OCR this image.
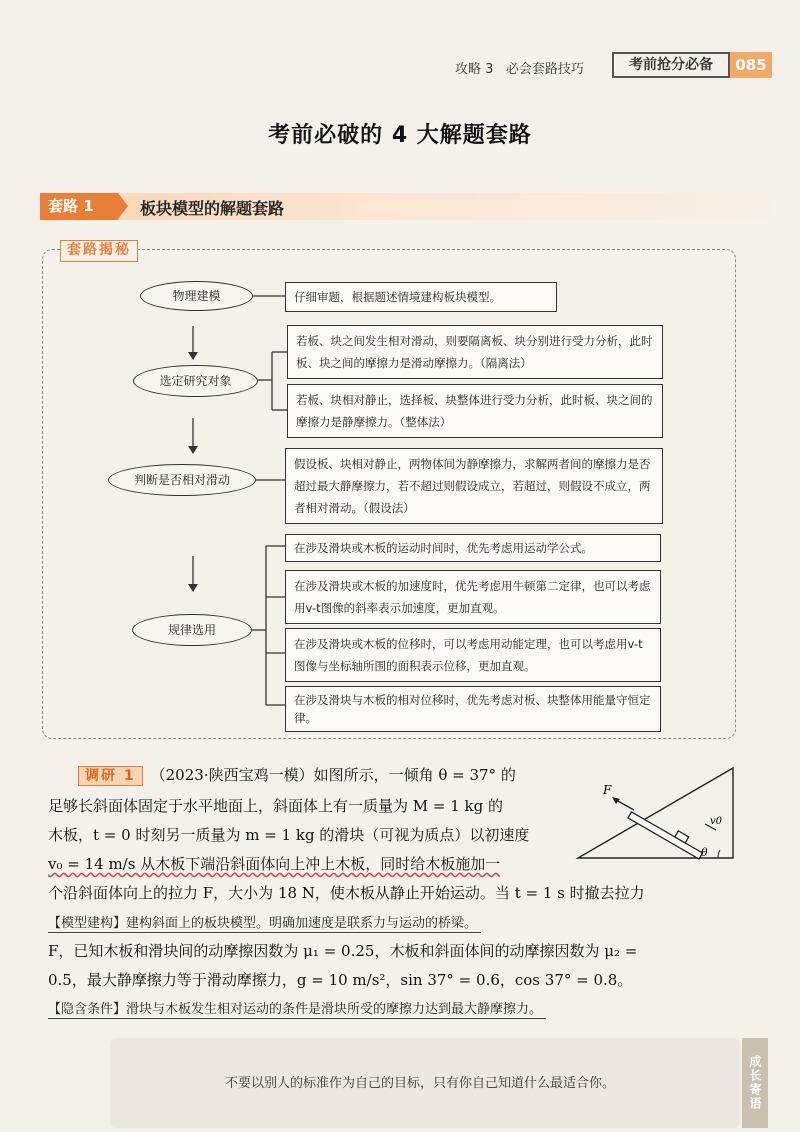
攻略 3 必会套路技巧	考前抢分必备	085
考前必破的 4 大解题套路
套路 1	板块模型的解题套路
套路揭秘
物理建模
选定研究对象
判断是否相对滑动
规律选用
仔细审题，根据题述情境建构板块模型。
若板、块之间发生相对滑动，则要隔离板、块分别进行受力分析，此时板、块之间的摩擦力是滑动摩擦力。（隔离法）
若板、块相对静止，选择板、块整体进行受力分析，此时板、块之间的摩擦力是静摩擦力。（整体法）
假设板、块相对静止，两物体间为静摩擦力，求解两者间的摩擦力是否超过最大静摩擦力，若不超过则假设成立，若超过，则假设不成立，两者相对滑动。（假设法）
在涉及滑块或木板的运动时间时，优先考虑用运动学公式。
在涉及滑块或木板的加速度时，优先考虑用牛顿第二定律，也可以考虑用v-t图像的斜率表示加速度，更加直观。
在涉及滑块或木板的位移时，可以考虑用动能定理，也可以考虑用v-t图像与坐标轴所围的面积表示位移，更加直观。
在涉及滑块与木板的相对位移时，优先考虑对板、块整体用能量守恒定律。
调研 1 （2023·陕西宝鸡一模）如图所示，一倾角 θ = 37° 的
足够长斜面体固定于水平地面上，斜面体上有一质量为 M = 1 kg 的
木板，t = 0 时刻另一质量为 m = 1 kg 的滑块（可视为质点）以初速度
v₀ = 14 m/s 从木板下端沿斜面体向上冲上木板，同时给木板施加一
个沿斜面体向上的拉力 F，大小为 18 N，使木板从静止开始运动。当 t = 1 s 时撤去拉力
【模型建构】建构斜面上的板块模型。明确加速度是联系力与运动的桥梁。
F，已知木板和滑块间的动摩擦因数为 μ₁ = 0.25，木板和斜面体间的动摩擦因数为 μ₂ =
0.5，最大静摩擦力等于滑动摩擦力，g = 10 m/s²，sin 37° = 0.6，cos 37° = 0.8。
【隐含条件】滑块与木板发生相对运动的条件是滑块所受的摩擦力达到最大静摩擦力。
F
v0
θ
不要以别人的标准作为自己的目标，只有你自己知道什么最适合你。	成长寄语
